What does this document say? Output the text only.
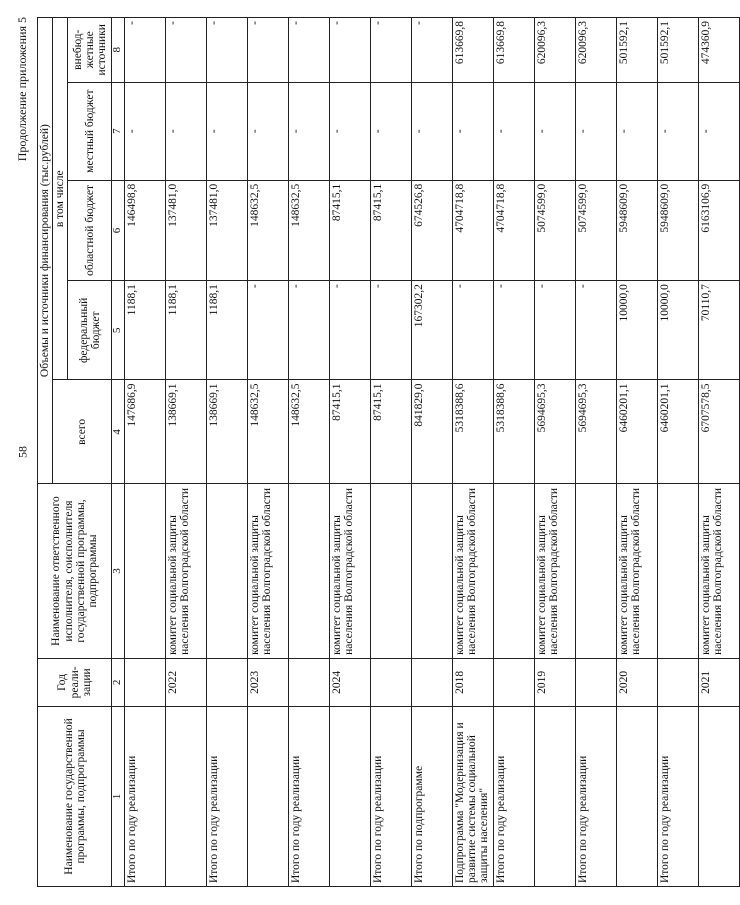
58
Продолжение приложения 5
Наименование государственной программы, подпрограммы	Год реали- зации	Наименование ответственного исполнителя, соисполнителя государственной программы, подпрограммы	Объемы и источники финансирования (тыс.рублей)				
			всего	в том числе			
				федеральный бюджет	областной бюджет	местный бюджет	внебюд- жетные источники
1	2	3	4	5	6	7	8
Итого по году реализации			147686,9	1188,1	146498,8	-	-
	2022	комитет социальной защиты населения Волгоградской области	138669,1	1188,1	137481,0	-	-
Итого по году реализации			138669,1	1188,1	137481,0	-	-
	2023	комитет социальной защиты населения Волгоградской области	148632,5	-	148632,5	-	-
Итого по году реализации			148632,5	-	148632,5	-	-
	2024	комитет социальной защиты населения Волгоградской области	87415,1	-	87415,1	-	-
Итого по году реализации			87415,1	-	87415,1	-	-
Итого по подпрограмме			841829,0	167302,2	674526,8	-	-
Подпрограмма "Модернизация и развитие системы социальной защиты населения"	2018	комитет социальной защиты населения Волгоградской области	5318388,6	-	4704718,8	-	613669,8
Итого по году реализации			5318388,6	-	4704718,8	-	613669,8
	2019	комитет социальной защиты населения Волгоградской области	5694695,3	-	5074599,0	-	620096,3
Итого по году реализации			5694695,3	-	5074599,0	-	620096,3
	2020	комитет социальной защиты населения Волгоградской области	6460201,1	10000,0	5948609,0	-	501592,1
Итого по году реализации			6460201,1	10000,0	5948609,0	-	501592,1
	2021	комитет социальной защиты населения Волгоградской области	6707578,5	70110,7	6163106,9	-	474360,9
